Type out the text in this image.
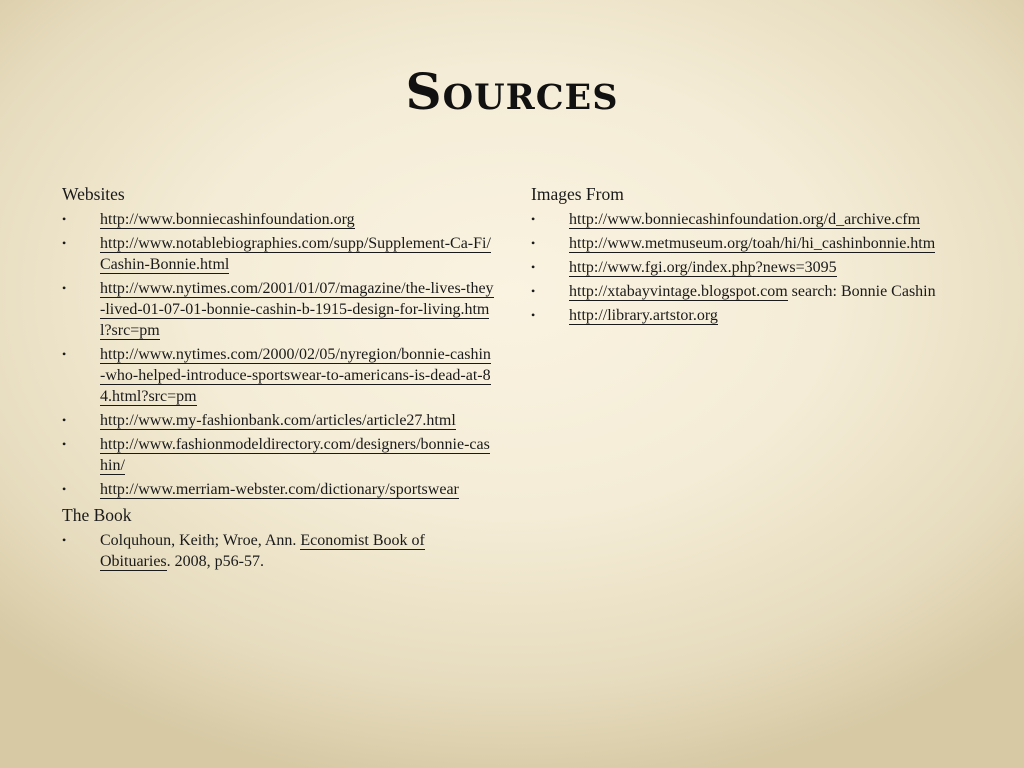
Sources
Websites
• http://www.bonniecashinfoundation.org
• http://www.notablebiographies.com/supp/Supplement-Ca-Fi/Cashin-Bonnie.html
• http://www.nytimes.com/2001/01/07/magazine/the-lives-they-lived-01-07-01-bonnie-cashin-b-1915-design-for-living.html?src=pm
• http://www.nytimes.com/2000/02/05/nyregion/bonnie-cashin-who-helped-introduce-sportswear-to-americans-is-dead-at-84.html?src=pm
• http://www.my-fashionbank.com/articles/article27.html
• http://www.fashionmodeldirectory.com/designers/bonnie-cashin/
• http://www.merriam-webster.com/dictionary/sportswear
The Book
• Colquhoun, Keith; Wroe, Ann. Economist Book of Obituaries. 2008, p56-57.
Images From
• http://www.bonniecashinfoundation.org/d_archive.cfm
• http://www.metmuseum.org/toah/hi/hi_cashinbonnie.htm
• http://www.fgi.org/index.php?news=3095
• http://xtabayvintage.blogspot.com search: Bonnie Cashin
• http://library.artstor.org
